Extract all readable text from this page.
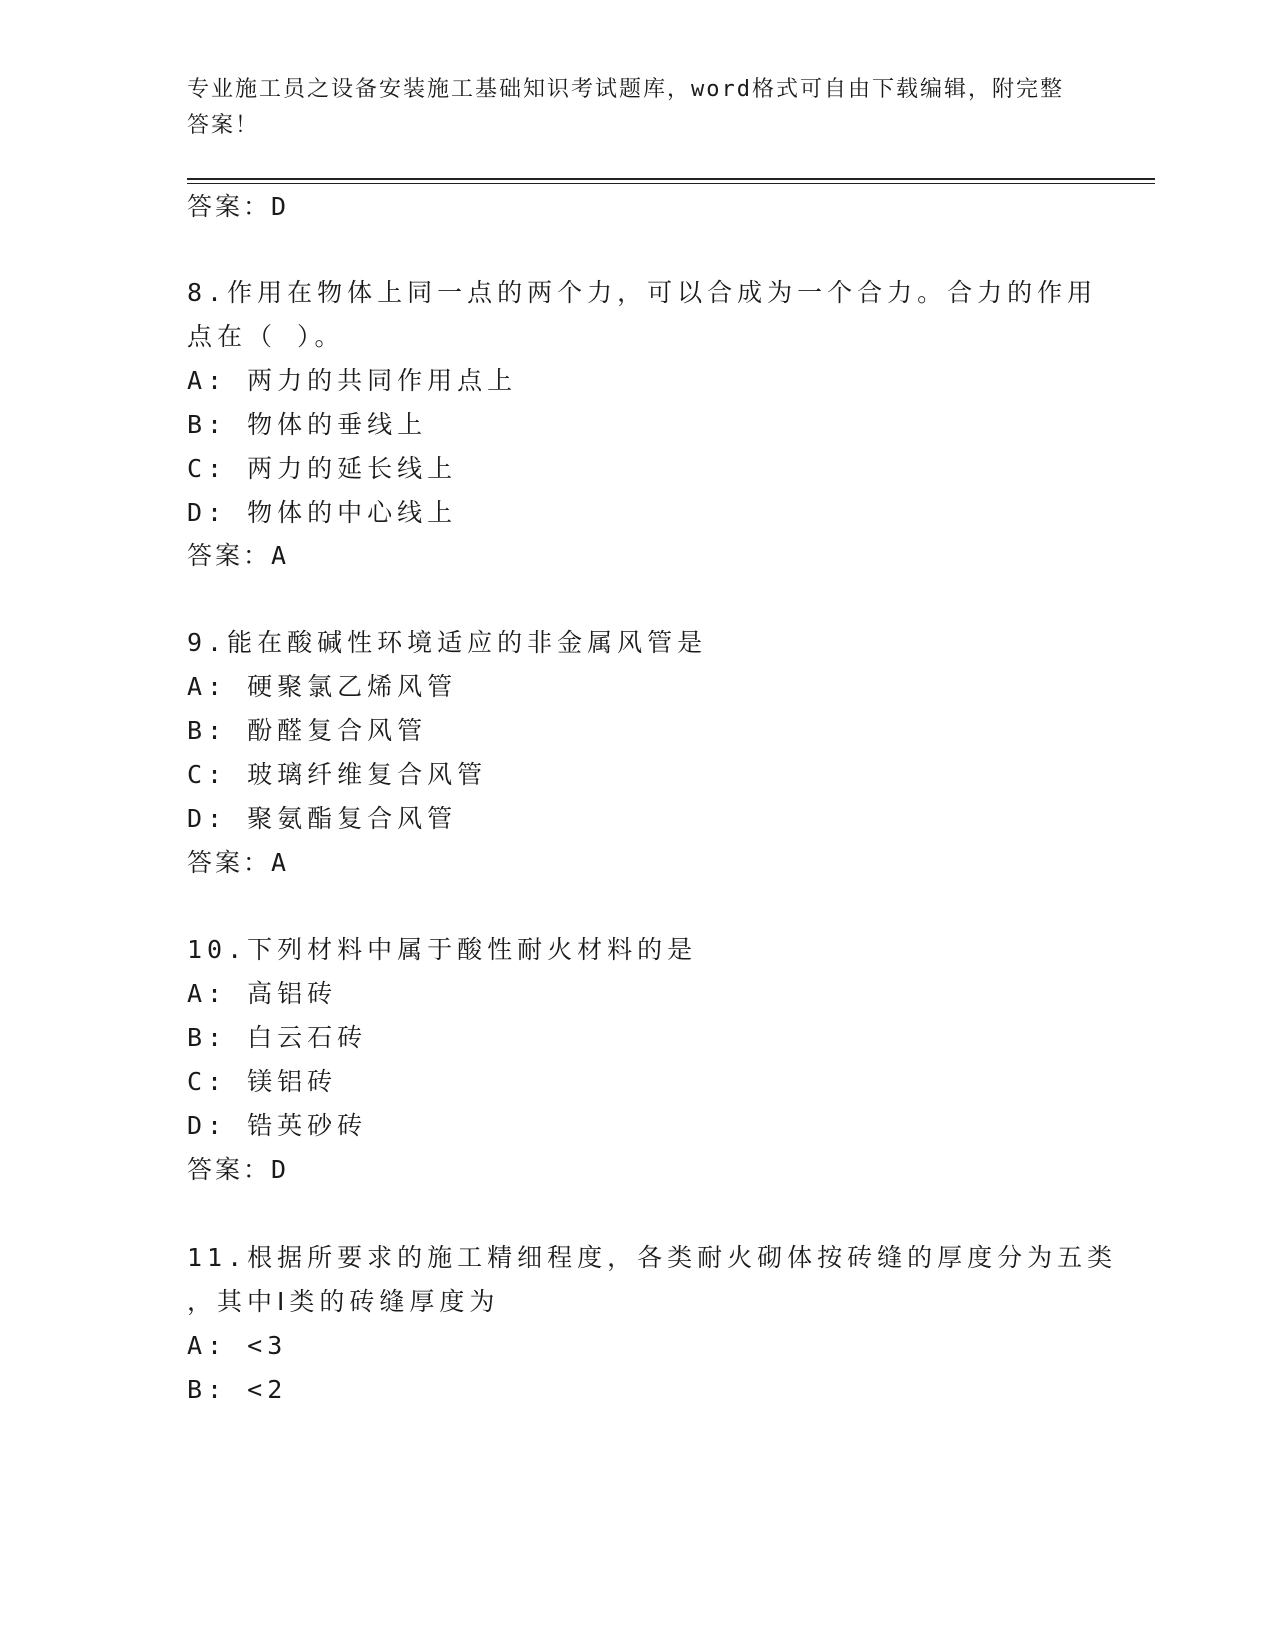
专业施工员之设备安装施工基础知识考试题库，word格式可自由下载编辑，附完整答案！
答案：D
8.作用在物体上同一点的两个力，可以合成为一个合力。合力的作用
点在（ ）。
A: 两力的共同作用点上
B: 物体的垂线上
C: 两力的延长线上
D: 物体的中心线上
答案：A
9.能在酸碱性环境适应的非金属风管是
A: 硬聚氯乙烯风管
B: 酚醛复合风管
C: 玻璃纤维复合风管
D: 聚氨酯复合风管
答案：A
10.下列材料中属于酸性耐火材料的是
A: 高铝砖
B: 白云石砖
C: 镁铝砖
D: 锆英砂砖
答案：D
11.根据所要求的施工精细程度，各类耐火砌体按砖缝的厚度分为五类
，其中Ⅰ类的砖缝厚度为
A: <3
B: <2
